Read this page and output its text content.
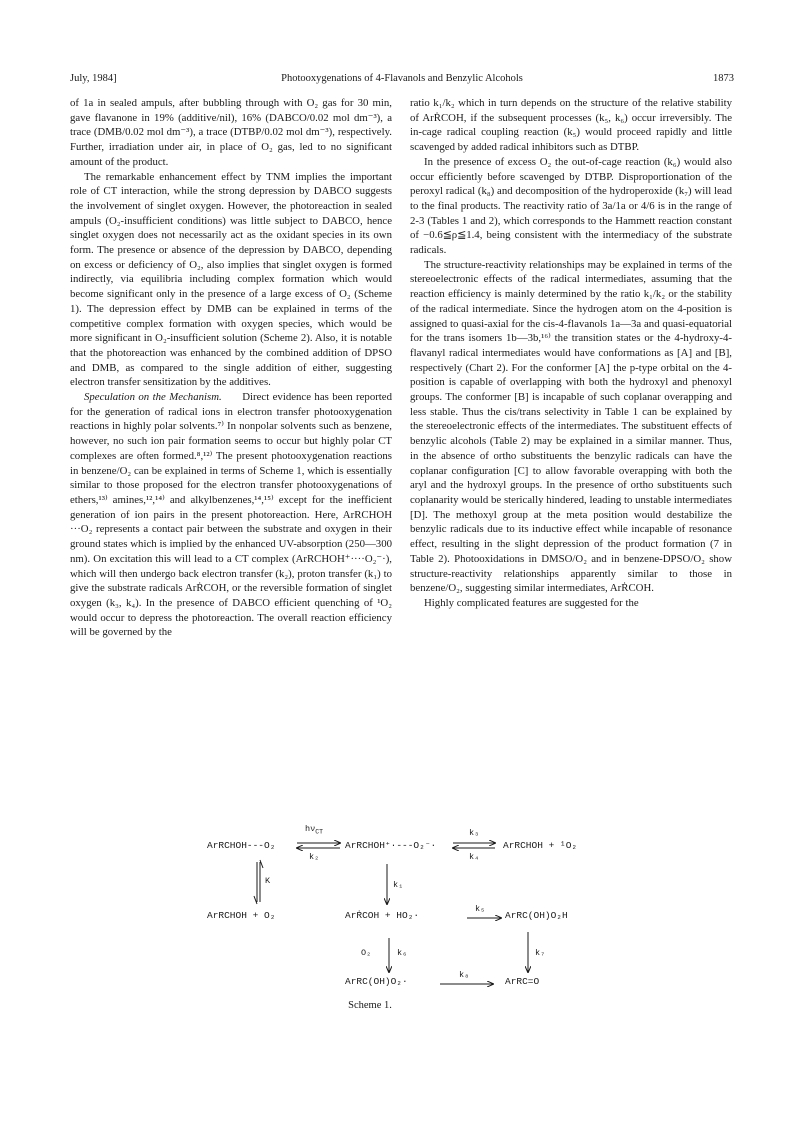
July, 1984]	Photooxygenations of 4-Flavanols and Benzylic Alcohols	1873

of 1a in sealed ampuls, after bubbling through with O₂ gas for 30 min, gave flavanone in 19% (additive/nil), 16% (DABCO/0.02 mol dm⁻³), a trace (DMB/0.02 mol dm⁻³), a trace (DTBP/0.02 mol dm⁻³), respectively. Further, irradiation under air, in place of O₂ gas, led to no significant amount of the product.

The remarkable enhancement effect by TNM implies the important role of CT interaction, while the strong depression by DABCO suggests the involvement of singlet oxygen. However, the photoreaction in sealed ampuls (O₂-insufficient conditions) was little subject to DABCO, hence singlet oxygen does not necessarily act as the oxidant species in its own form. The presence or absence of the depression by DABCO, depending on excess or deficiency of O₂, also implies that singlet oxygen is formed indirectly, via equilibria including complex formation which would become significant only in the presence of a large excess of O₂ (Scheme 1). The depression effect by DMB can be explained in terms of the competitive complex formation with oxygen species, which would be more significant in O₂-insufficient solution (Scheme 2). Also, it is notable that the photoreaction was enhanced by the combined addition of DPSO and DMB, as compared to the single addition of either, suggesting electron transfer sensitization by the additives.

Speculation on the Mechanism. Direct evidence has been reported for the generation of radical ions in electron transfer photooxygenation reactions in highly polar solvents.⁷⁾ In nonpolar solvents such as benzene, however, no such ion pair formation seems to occur but highly polar CT complexes are often formed.⁸,¹²⁾ The present photooxygenation reactions in benzene/O₂ can be explained in terms of Scheme 1, which is essentially similar to those proposed for the electron transfer photooxygenations of ethers,¹³⁾ amines,¹²,¹⁴⁾ and alkylbenzenes,¹⁴,¹⁵⁾ except for the inefficient generation of ion pairs in the present photoreaction. Here, ArRCHOH ···O₂ represents a contact pair between the substrate and oxygen in their ground states which is implied by the enhanced UV-absorption (250—300 nm). On excitation this will lead to a CT complex (ArRCHOH⁺····O₂⁻·), which will then undergo back electron transfer (k₂), proton transfer (k₁) to give the substrate radicals ArṘCOH, or the reversible formation of singlet oxygen (k₃, k₄). In the presence of DABCO efficient quenching of ¹O₂ would occur to depress the photoreaction. The overall reaction efficiency will be governed by the

ratio k₁/k₂ which in turn depends on the structure of the relative stability of ArṘCOH, if the subsequent processes (k₅, k₆) occur irreversibly. The in-cage radical coupling reaction (k₅) would proceed rapidly and little scavenged by added radical inhibitors such as DTBP.

In the presence of excess O₂ the out-of-cage reaction (k₆) would also occur efficiently before scavenged by DTBP. Disproportionation of the peroxyl radical (k₈) and decomposition of the hydroperoxide (k₇) will lead to the final products. The reactivity ratio of 3a/1a or 4/6 is in the range of 2-3 (Tables 1 and 2), which corresponds to the Hammett reaction constant of −0.6≦ρ≦1.4, being consistent with the intermediacy of the substrate radicals.

The structure-reactivity relationships may be explained in terms of the stereoelectronic effects of the radical intermediates, assuming that the reaction efficiency is mainly determined by the ratio k₁/k₂ or the stability of the radical intermediate. Since the hydrogen atom on the 4-position is assigned to quasi-axial for the cis-4-flavanols 1a—3a and quasi-equatorial for the trans isomers 1b—3b,¹⁶⁾ the transition states or the 4-hydroxy-4-flavanyl radical intermediates would have conformations as [A] and [B], respectively (Chart 2). For the conformer [A] the p-type orbital on the 4-position is capable of overlapping with both the hydroxyl and phenoxyl groups. The conformer [B] is incapable of such coplanar overapping and less stable. Thus the cis/trans selectivity in Table 1 can be explained by the stereoelectronic effects of the intermediates. The substituent effects of benzylic alcohols (Table 2) may be explained in a similar manner. Thus, in the absence of ortho substituents the benzylic radicals can have the coplanar configuration [C] to allow favorable overapping with both the aryl and the hydroxyl groups. In the presence of ortho substituents such coplanarity would be sterically hindered, leading to unstable intermediates [D]. The methoxyl group at the meta position would destabilize the benzylic radicals due to its inductive effect while incapable of resonance effect, resulting in the slight depression of the product formation (7 in Table 2). Photooxidations in DMSO/O₂ and in benzene-DPSO/O₂ show structure-reactivity relationships apparently similar to those in benzene/O₂, suggesting similar intermediates, ArṘCOH.

Highly complicated features are suggested for the

ArRCHOH---O₂	ArRCHOH⁺·---O₂⁻·	ArRCHOH + ¹O₂
ArRCHOH + O₂	ArṘCOH + HO₂·	ArRC(OH)O₂H
ArRC(OH)O₂·	ArRC=O
$h\nu_{CT}$
k₂
k₃
k₄
K	k₁
k₅
O₂	k₆	k₇
k₈
Scheme 1.
